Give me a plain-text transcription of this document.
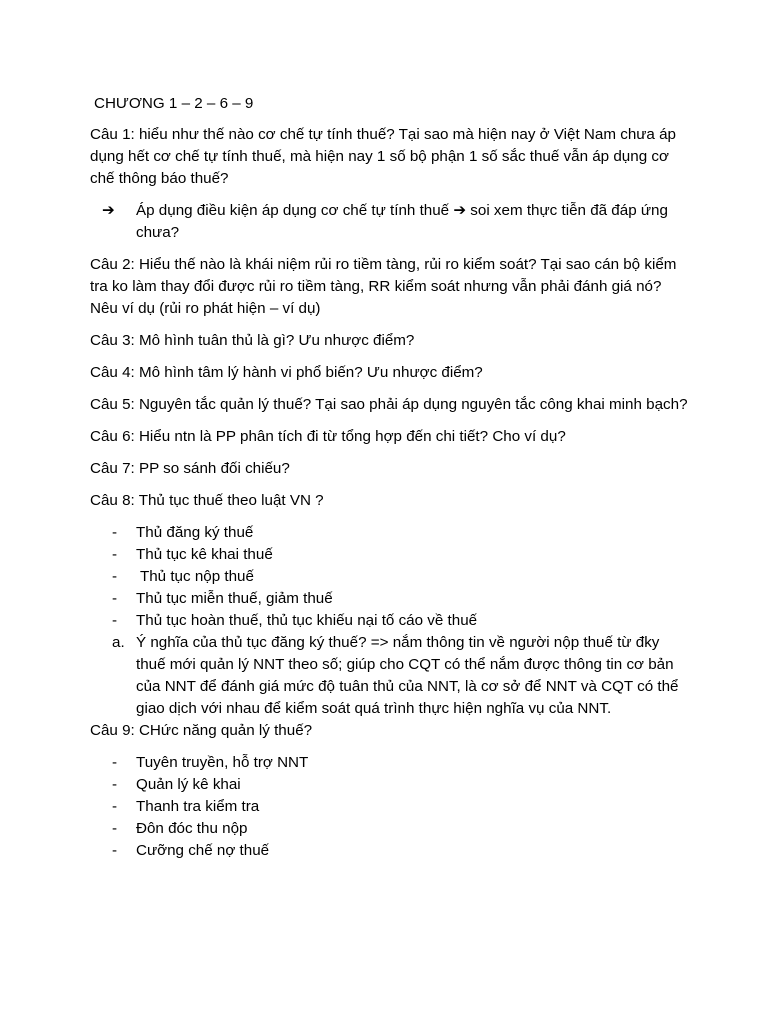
CHƯƠNG 1 – 2 – 6 – 9

Câu 1: hiểu như thế nào cơ chế tự tính thuế? Tại sao mà hiện nay ở Việt Nam chưa áp dụng hết cơ chế tự tính thuế, mà hiện nay 1 số bộ phận 1 số sắc thuế vẫn áp dụng cơ chế thông báo thuế?

➔	Áp dụng điều kiện áp dụng cơ chế tự tính thuế ➔ soi xem thực tiễn đã đáp ứng chưa?

Câu 2: Hiểu thế nào là khái niệm rủi ro tiềm tàng, rủi ro kiểm soát? Tại sao cán bộ kiểm tra ko làm thay đổi được rủi ro tiềm tàng, RR kiểm soát nhưng vẫn phải đánh giá nó? Nêu ví dụ (rủi ro phát hiện – ví dụ)

Câu 3: Mô hình tuân thủ là gì? Ưu nhược điểm?

Câu 4: Mô hình tâm lý hành vi phổ biến? Ưu nhược điểm?

Câu 5: Nguyên tắc quản lý thuế? Tại sao phải áp dụng nguyên tắc công khai minh bạch?

Câu 6: Hiểu ntn là PP phân tích đi từ tổng hợp đến chi tiết? Cho ví dụ?

Câu 7: PP so sánh đối chiếu?

Câu 8: Thủ tục thuế theo luật VN ?

-	Thủ đăng ký thuế
-	Thủ tục kê khai thuế
-	Thủ tục nộp thuế
-	Thủ tục miễn thuế, giảm thuế
-	Thủ tục hoàn thuế, thủ tục khiếu nại tố cáo về thuế
a. Ý nghĩa của thủ tục đăng ký thuế? => nắm thông tin về người nộp thuế từ đky thuế mới quản lý NNT theo số; giúp cho CQT có thể nắm được thông tin cơ bản của NNT để đánh giá mức độ tuân thủ của NNT, là cơ sở để NNT và CQT có thể giao dịch với nhau để kiểm soát quá trình thực hiện nghĩa vụ của NNT.

Câu 9: CHức năng quản lý thuế?

-	Tuyên truyền, hỗ trợ NNT
-	Quản lý kê khai
-	Thanh tra kiểm tra
-	Đôn đóc thu nộp
-	Cưỡng chế nợ thuế
